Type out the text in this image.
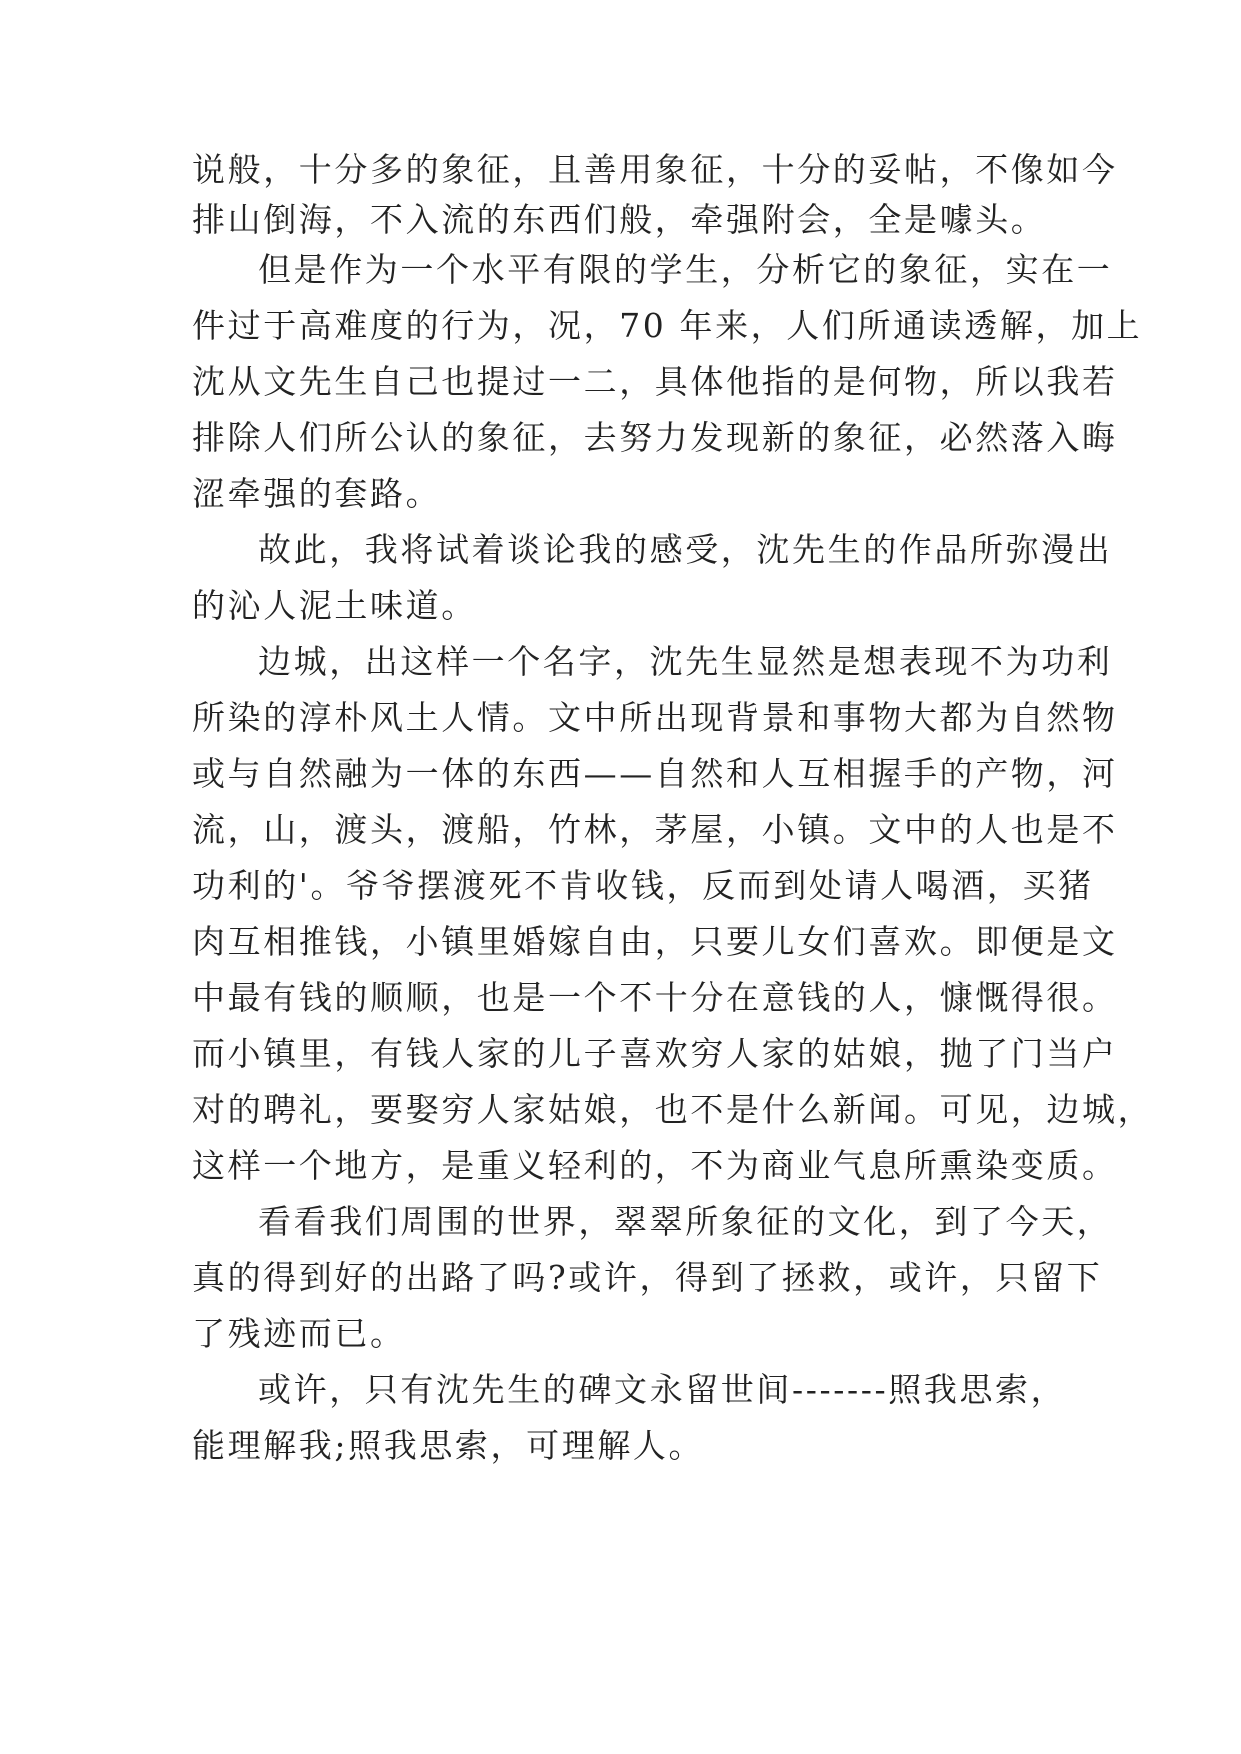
说般，十分多的象征，且善用象征，十分的妥帖，不像如今
排山倒海，不入流的东西们般，牵强附会，全是噱头。
但是作为一个水平有限的学生，分析它的象征，实在一
件过于高难度的行为，况，70 年来，人们所通读透解，加上
沈从文先生自己也提过一二，具体他指的是何物，所以我若
排除人们所公认的象征，去努力发现新的象征，必然落入晦
涩牵强的套路。
故此，我将试着谈论我的感受，沈先生的作品所弥漫出
的沁人泥土味道。
边城，出这样一个名字，沈先生显然是想表现不为功利
所染的淳朴风土人情。文中所出现背景和事物大都为自然物
或与自然融为一体的东西——自然和人互相握手的产物，河
流，山，渡头，渡船，竹林，茅屋，小镇。文中的人也是不
功利的'。爷爷摆渡死不肯收钱，反而到处请人喝酒，买猪
肉互相推钱，小镇里婚嫁自由，只要儿女们喜欢。即便是文
中最有钱的顺顺，也是一个不十分在意钱的人，慷慨得很。
而小镇里，有钱人家的儿子喜欢穷人家的姑娘，抛了门当户
对的聘礼，要娶穷人家姑娘，也不是什么新闻。可见，边城，
这样一个地方，是重义轻利的，不为商业气息所熏染变质。
看看我们周围的世界，翠翠所象征的文化，到了今天，
真的得到好的出路了吗?或许，得到了拯救，或许，只留下
了残迹而已。
或许，只有沈先生的碑文永留世间-------照我思索，
能理解我;照我思索，可理解人。
